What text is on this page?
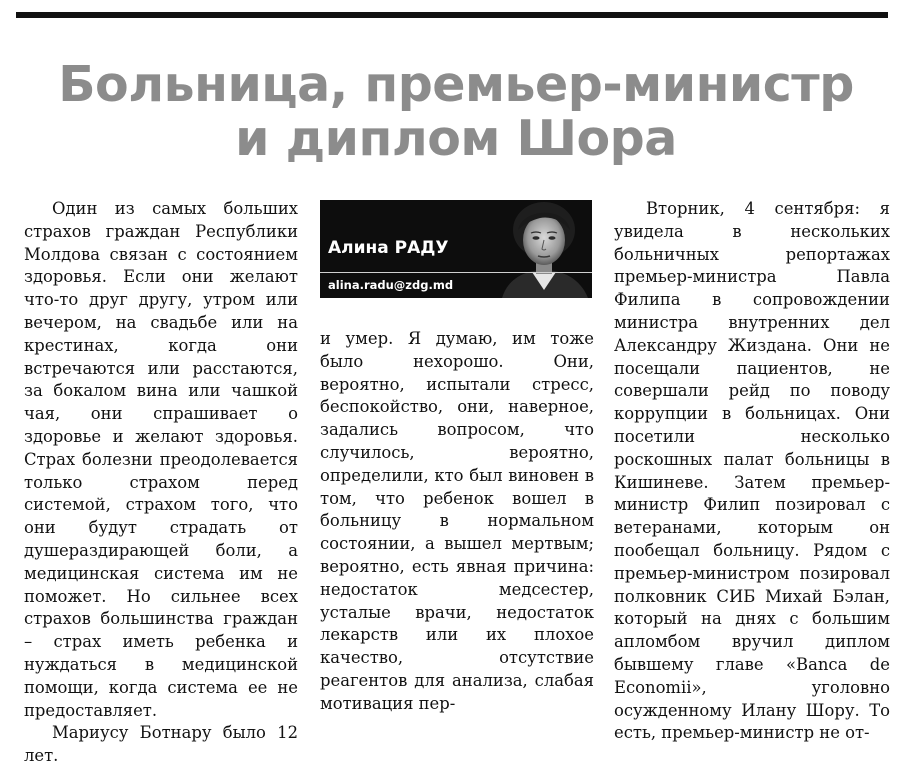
Больница, премьер-министр
и диплом Шора

Один из самых больших страхов граждан Республики Молдова связан с состоянием здоровья. Если они желают что-то друг другу, утром или вечером, на свадьбе или на крестинах, когда они встречаются или расстаются, за бокалом вина или чашкой чая, они спрашивает о здоровье и желают здоровья. Страх болезни преодолевается только страхом перед системой, страхом того, что они будут страдать от душераздирающей боли, а медицинская система им не поможет. Но сильнее всех страхов большинства граждан – страх иметь ребенка и нуждаться в медицинской помощи, когда система ее не предоставляет.

Мариусу Ботнару было 12 лет.

Алина РАДУ
alina.radu@zdg.md

и умер. Я думаю, им тоже было нехорошо. Они, вероятно, испытали стресс, беспокойство, они, наверное, задались вопросом, что случилось, вероятно, определили, кто был виновен в том, что ребенок вошел в больницу в нормальном состоянии, а вышел мертвым; вероятно, есть явная причина: недостаток медсестер, усталые врачи, недостаток лекарств или их плохое качество, отсутствие реагентов для анализа, слабая мотивация пер-

Вторник, 4 сентября: я увидела в нескольких больничных репортажах премьер-министра Павла Филипа в сопровождении министра внутренних дел Александру Жиздана. Они не посещали пациентов, не совершали рейд по поводу коррупции в больницах. Они посетили несколько роскошных палат больницы в Кишиневе. Затем премьер-министр Филип позировал с ветеранами, которым он пообещал больницу. Рядом с премьер-министром позировал полковник СИБ Михай Бэлан, который на днях с большим апломбом вручил диплом бывшему главе «Banca de Economii», уголовно осужденному Илану Шору. То есть, премьер-министр не от-
